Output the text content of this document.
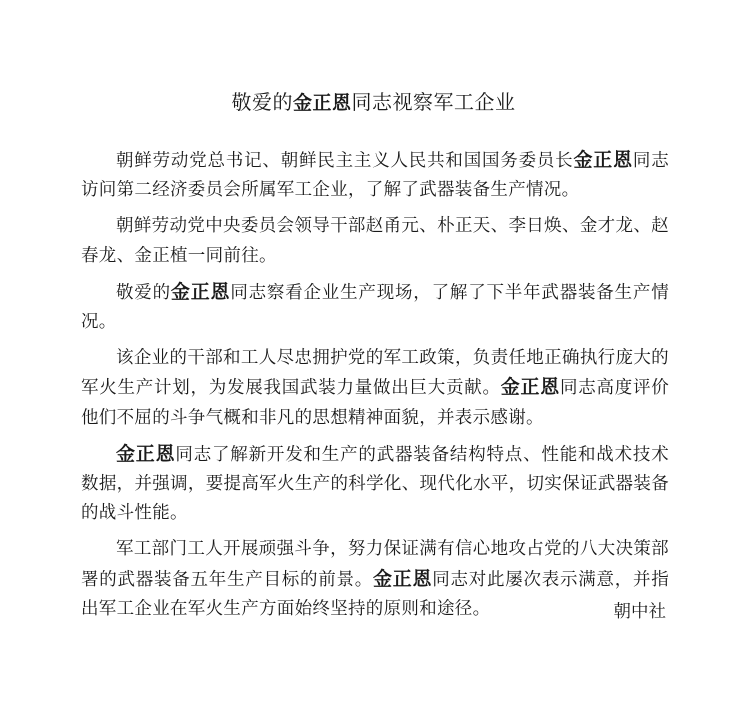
敬爱的金正恩同志视察军工企业

朝鲜劳动党总书记、朝鲜民主主义人民共和国国务委员长金正恩同志访问第二经济委员会所属军工企业，了解了武器装备生产情况。

朝鲜劳动党中央委员会领导干部赵甬元、朴正天、李日焕、金才龙、赵春龙、金正植一同前往。

敬爱的金正恩同志察看企业生产现场，了解了下半年武器装备生产情况。

该企业的干部和工人尽忠拥护党的军工政策，负责任地正确执行庞大的军火生产计划，为发展我国武装力量做出巨大贡献。金正恩同志高度评价他们不屈的斗争气概和非凡的思想精神面貌，并表示感谢。

金正恩同志了解新开发和生产的武器装备结构特点、性能和战术技术数据，并强调，要提高军火生产的科学化、现代化水平，切实保证武器装备的战斗性能。

军工部门工人开展顽强斗争，努力保证满有信心地攻占党的八大决策部署的武器装备五年生产目标的前景。金正恩同志对此屡次表示满意，并指出军工企业在军火生产方面始终坚持的原则和途径。	朝中社
